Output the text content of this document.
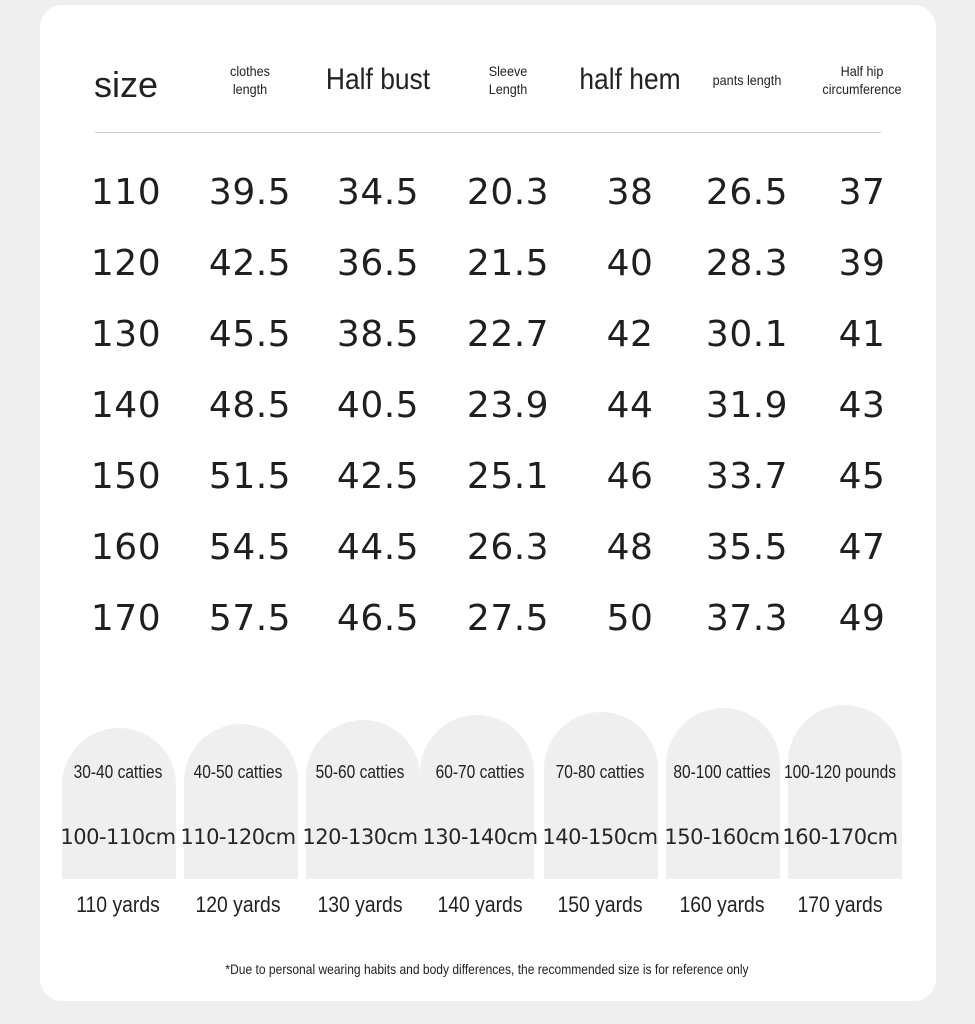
size	clothes
length Half bust	Sleeve
Length half hem pants length
Half hip
circumference
110 39.5 34.5 20.3 38 26.5 37
120 42.5 36.5 21.5 40 28.3 39
130 45.5 38.5 22.7 42 30.1 41
140 48.5 40.5 23.9 44 31.9 43
150 51.5 42.5 25.1 46 33.7 45
160 54.5 44.5 26.3 48 35.5 47
170 57.5 46.5 27.5 50 37.3 49
30-40 catties
100-110cm
110 yards
40-50 catties
110-120cm
120 yards
50-60 catties
120-130cm
130 yards
60-70 catties
130-140cm
140 yards
70-80 catties
140-150cm
150 yards
80-100 catties
150-160cm
160 yards
100-120 pounds
160-170cm
170 yards
*Due to personal wearing habits and body differences, the recommended size is for reference only
